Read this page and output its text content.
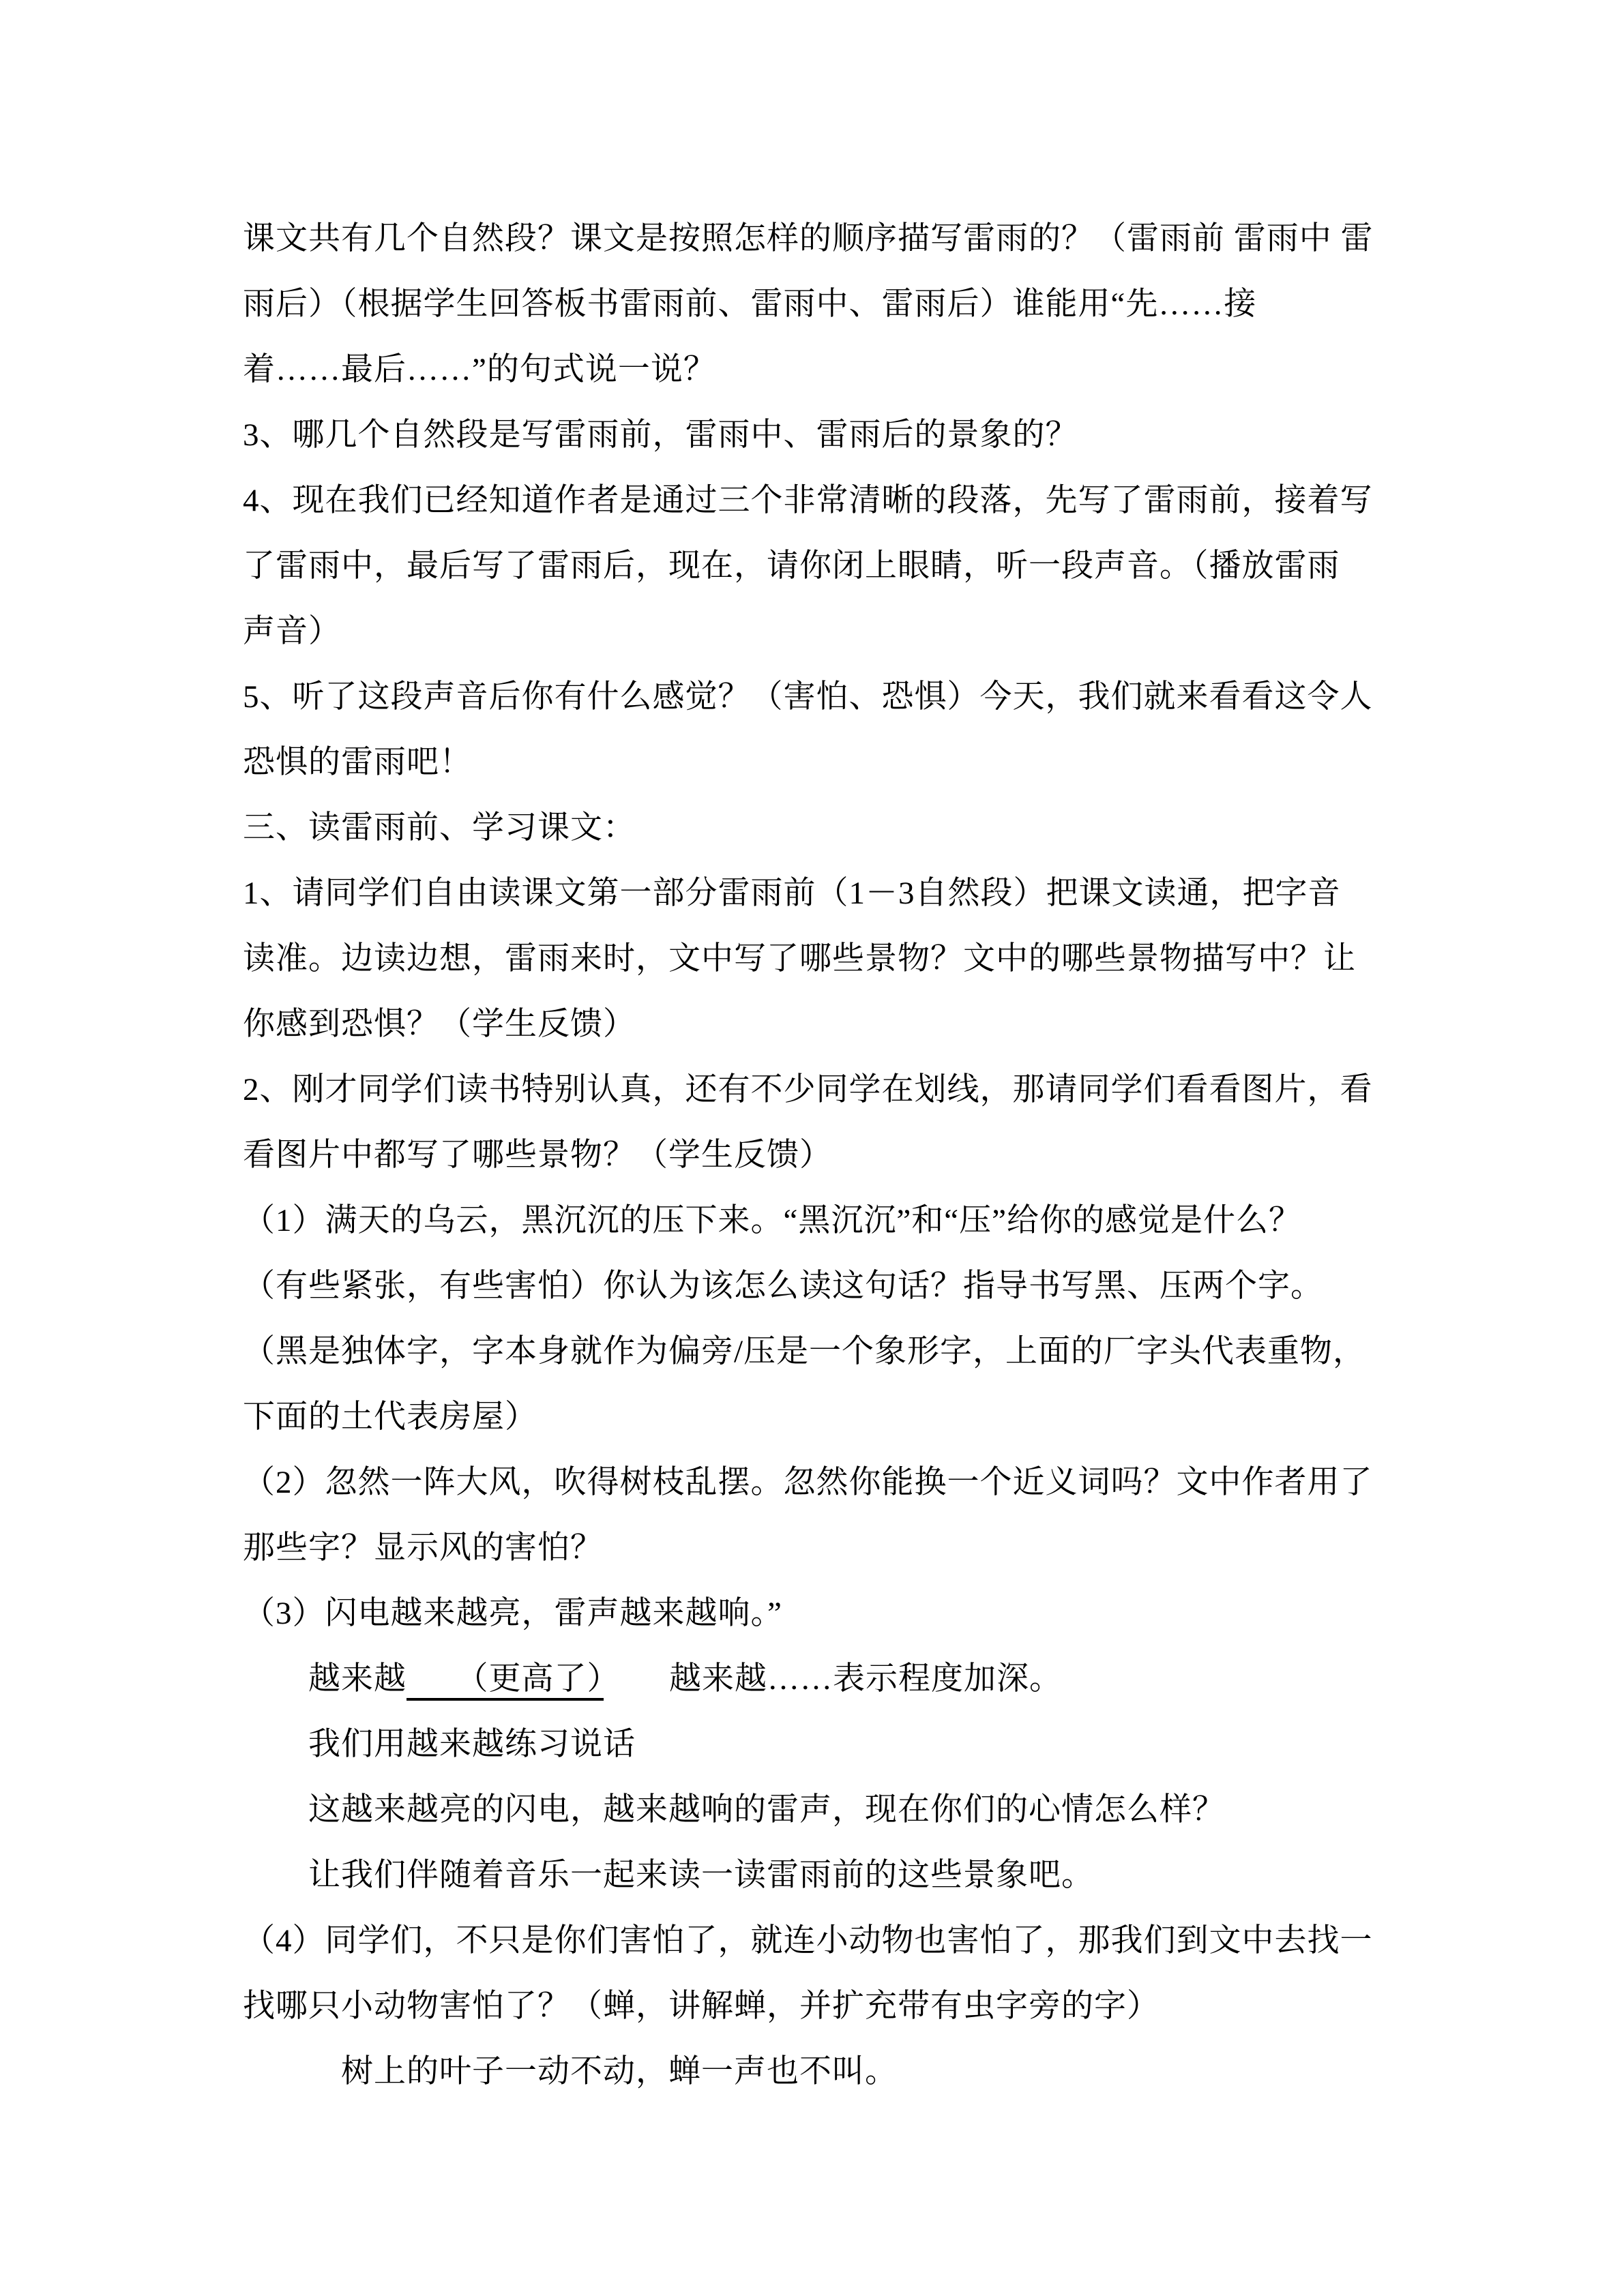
课文共有几个自然段？课文是按照怎样的顺序描写雷雨的？（雷雨前 雷雨中 雷
雨后）（根据学生回答板书雷雨前、雷雨中、雷雨后）谁能用“先……接
着……最后……”的句式说一说？
3、哪几个自然段是写雷雨前，雷雨中、雷雨后的景象的？
4、现在我们已经知道作者是通过三个非常清晰的段落，先写了雷雨前，接着写
了雷雨中，最后写了雷雨后，现在，请你闭上眼睛，听一段声音。（播放雷雨
声音）
5、听了这段声音后你有什么感觉？（害怕、恐惧）今天，我们就来看看这令人
恐惧的雷雨吧！
三、读雷雨前、学习课文：
1、请同学们自由读课文第一部分雷雨前（1－3自然段）把课文读通，把字音
读准。边读边想，雷雨来时，文中写了哪些景物？文中的哪些景物描写中？让
你感到恐惧？（学生反馈）
2、刚才同学们读书特别认真，还有不少同学在划线，那请同学们看看图片，看
看图片中都写了哪些景物？（学生反馈）
（1）满天的乌云，黑沉沉的压下来。“黑沉沉”和“压”给你的感觉是什么？
（有些紧张，有些害怕）你认为该怎么读这句话？指导书写黑、压两个字。
（黑是独体字，字本身就作为偏旁/压是一个象形字，上面的厂字头代表重物，
下面的土代表房屋）
（2）忽然一阵大风，吹得树枝乱摆。忽然你能换一个近义词吗？文中作者用了
那些字？显示风的害怕？
（3）闪电越来越亮，雷声越来越响。”
越来越　　（更高了）　　越来越……表示程度加深。
我们用越来越练习说话
这越来越亮的闪电，越来越响的雷声，现在你们的心情怎么样？
让我们伴随着音乐一起来读一读雷雨前的这些景象吧。
（4）同学们，不只是你们害怕了，就连小动物也害怕了，那我们到文中去找一
找哪只小动物害怕了？（蝉，讲解蝉，并扩充带有虫字旁的字）
树上的叶子一动不动，蝉一声也不叫。
